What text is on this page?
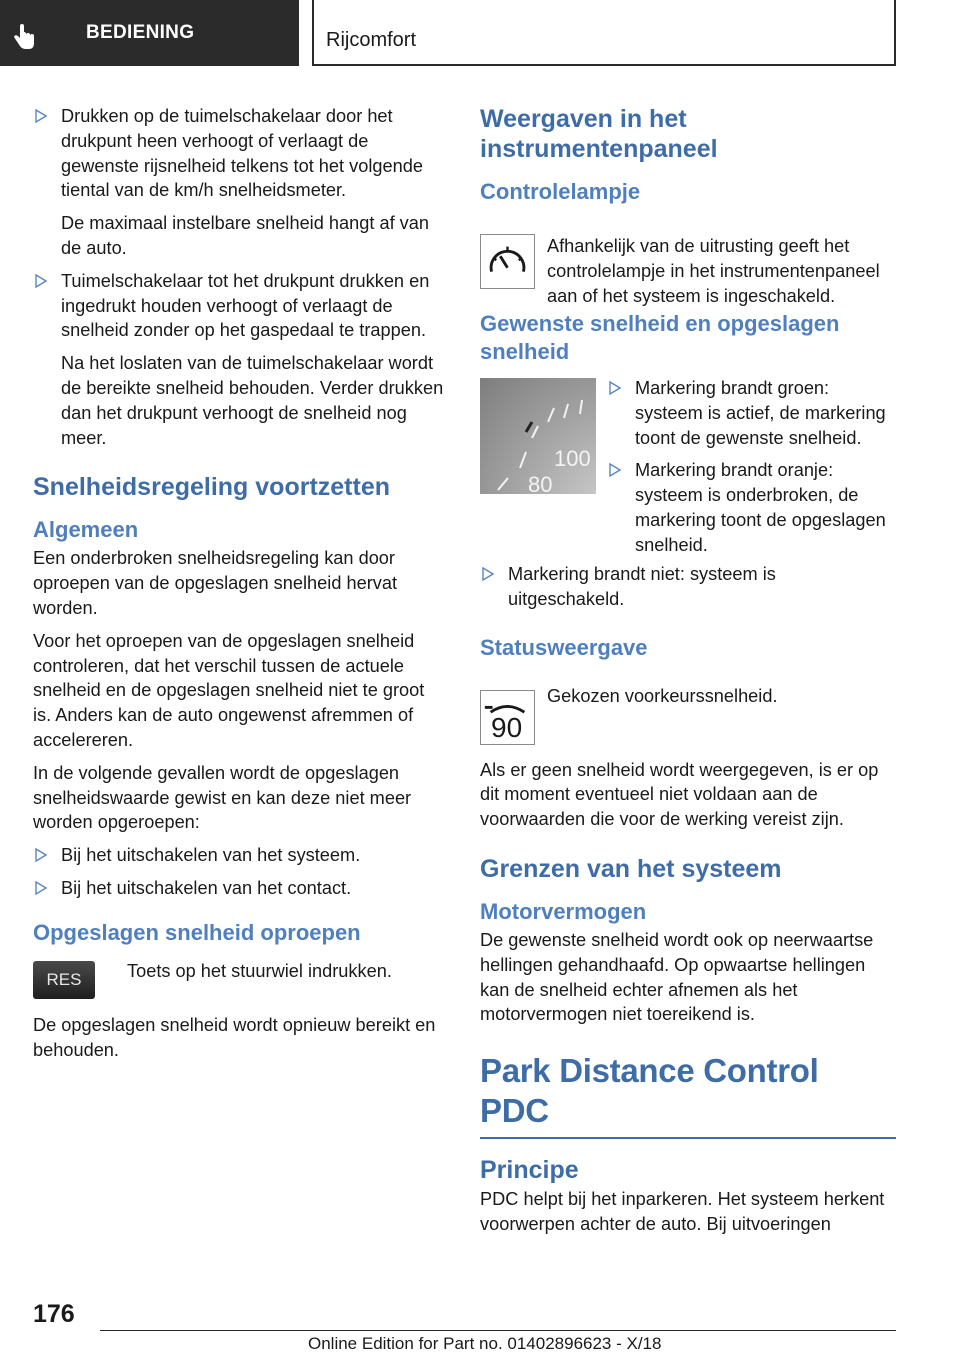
BEDIENING	Rijcomfort

Drukken op de tuimelschakelaar door het drukpunt heen verhoogt of verlaagt de gewenste rijsnelheid telkens tot het volgende tiental van de km/h snelheidsmeter.

De maximaal instelbare snelheid hangt af van de auto.

Tuimelschakelaar tot het drukpunt drukken en ingedrukt houden verhoogt of verlaagt de snelheid zonder op het gaspedaal te trappen.

Na het loslaten van de tuimelschakelaar wordt de bereikte snelheid behouden. Verder drukken dan het drukpunt verhoogt de snelheid nog meer.

Snelheidsregeling voortzetten
Algemeen

Een onderbroken snelheidsregeling kan door oproepen van de opgeslagen snelheid hervat worden.

Voor het oproepen van de opgeslagen snelheid controleren, dat het verschil tussen de actuele snelheid en de opgeslagen snelheid niet te groot is. Anders kan de auto ongewenst afremmen of accelereren.

In de volgende gevallen wordt de opgeslagen snelheidswaarde gewist en kan deze niet meer worden opgeroepen:

Bij het uitschakelen van het systeem.

Bij het uitschakelen van het contact.

Opgeslagen snelheid oproepen
RES	Toets op het stuurwiel indrukken.

De opgeslagen snelheid wordt opnieuw bereikt en behouden.

Weergaven in het instrumentenpaneel
Controlelampje

Afhankelijk van de uitrusting geeft het controlelampje in het instrumentenpaneel aan of het systeem is ingeschakeld.

Gewenste snelheid en opgeslagen snelheid
100
80

Markering brandt groen: systeem is actief, de markering toont de gewenste snelheid.

Markering brandt oranje: systeem is onderbroken, de markering toont de opgeslagen snelheid.

Markering brandt niet: systeem is uitgeschakeld.

Statusweergave
90

Gekozen voorkeurssnelheid.

Als er geen snelheid wordt weergegeven, is er op dit moment eventueel niet voldaan aan de voorwaarden die voor de werking vereist zijn.

Grenzen van het systeem
Motorvermogen

De gewenste snelheid wordt ook op neerwaartse hellingen gehandhaafd. Op opwaartse hellingen kan de snelheid echter afnemen als het motorvermogen niet toereikend is.

Park Distance Control PDC
Principe

PDC helpt bij het inparkeren. Het systeem herkent voorwerpen achter de auto. Bij uitvoeringen

176
Online Edition for Part no. 01402896623 - X/18
